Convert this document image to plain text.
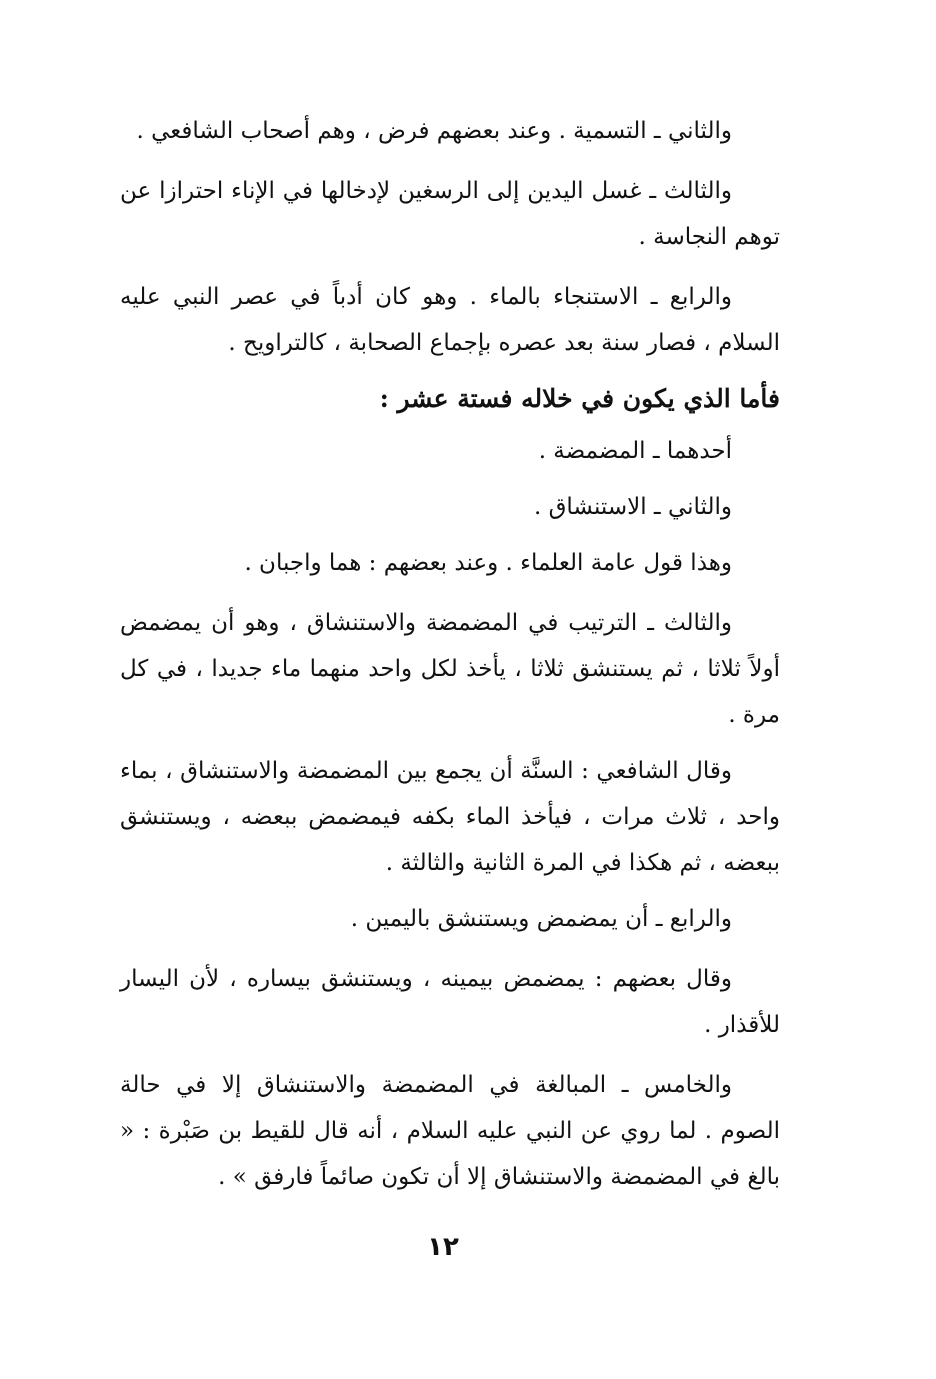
والثاني ـ التسمية . وعند بعضهم فرض ، وهم أصحاب الشافعي .

والثالث ـ غسل اليدين إلى الرسغين لإدخالها في الإناء احترازا عن توهم النجاسة .

والرابع ـ الاستنجاء بالماء . وهو كان أدباً في عصر النبي عليه السلام ، فصار سنة بعد عصره بإجماع الصحابة ، كالتراويح .

فأما الذي يكون في خلاله فستة عشر :

أحدهما ـ المضمضة .

والثاني ـ الاستنشاق .

وهذا قول عامة العلماء . وعند بعضهم : هما واجبان .

والثالث ـ الترتيب في المضمضة والاستنشاق ، وهو أن يمضمض أولاً ثلاثا ، ثم يستنشق ثلاثا ، يأخذ لكل واحد منهما ماء جديدا ، في كل مرة .

وقال الشافعي : السنَّة أن يجمع بين المضمضة والاستنشاق ، بماء واحد ، ثلاث مرات ، فيأخذ الماء بكفه فيمضمض ببعضه ، ويستنشق ببعضه ، ثم هكذا في المرة الثانية والثالثة .

والرابع ـ أن يمضمض ويستنشق باليمين .

وقال بعضهم : يمضمض بيمينه ، ويستنشق بيساره ، لأن اليسار للأقذار .

والخامس ـ المبالغة في المضمضة والاستنشاق إلا في حالة الصوم . لما روي عن النبي عليه السلام ، أنه قال للقيط بن صَبْرة : « بالغ في المضمضة والاستنشاق إلا أن تكون صائماً فارفق » .

١٢
